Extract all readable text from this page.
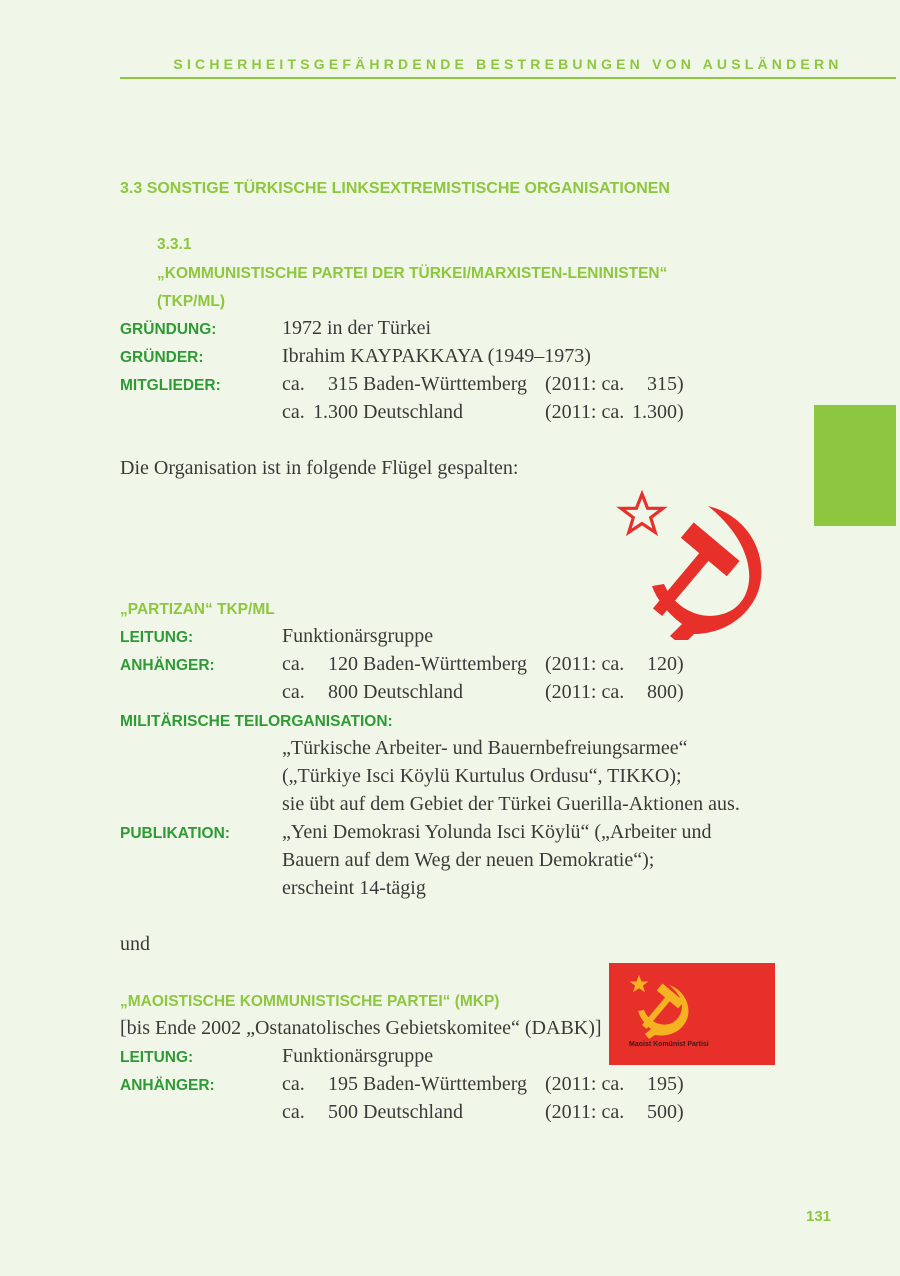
SICHERHEITSGEFÄHRDENDE BESTREBUNGEN VON AUSLÄNDERN
3.3 SONSTIGE TÜRKISCHE LINKSEXTREMISTISCHE ORGANISATIONEN
3.3.1
„KOMMUNISTISCHE PARTEI DER TÜRKEI/MARXISTEN-LENINISTEN“
(TKP/ML)
GRÜNDUNG:	1972 in der Türkei
GRÜNDER:	Ibrahim KAYPAKKAYA (1949–1973)
MITGLIEDER:	ca.	315 Baden-Württemberg (2011: ca.	315 )
ca. 1.300 Deutschland	(2011: ca. 1.300 )
Die Organisation ist in folgende Flügel gespalten:
„PARTIZAN“ TKP/ML
LEITUNG:	Funktionärsgruppe
ANHÄNGER:	ca.	120 Baden-Württemberg (2011: ca.	120 )
ca.	800 Deutschland	(2011: ca.	800 )
MILITÄRISCHE TEILORGANISATION:
„Türkische Arbeiter- und Bauernbefreiungsarmee“
(„Türkiye Isci Köylü Kurtulus Ordusu“, TIKKO);
sie übt auf dem Gebiet der Türkei Guerilla-Aktionen aus.
PUBLIKATION:	„Yeni Demokrasi Yolunda Isci Köylü“ („Arbeiter und
Bauern auf dem Weg der neuen Demokratie“);
erscheint 14-tägig
und
Maoist Komünist Partisi
„MAOISTISCHE KOMMUNISTISCHE PARTEI“ (MKP)
[bis Ende 2002 „Ostanatolisches Gebietskomitee“ (DABK)]
LEITUNG:	Funktionärsgruppe
ANHÄNGER:	ca.	195 Baden-Württemberg (2011: ca.	195 )
ca.	500 Deutschland	(2011: ca.	500 )
131
